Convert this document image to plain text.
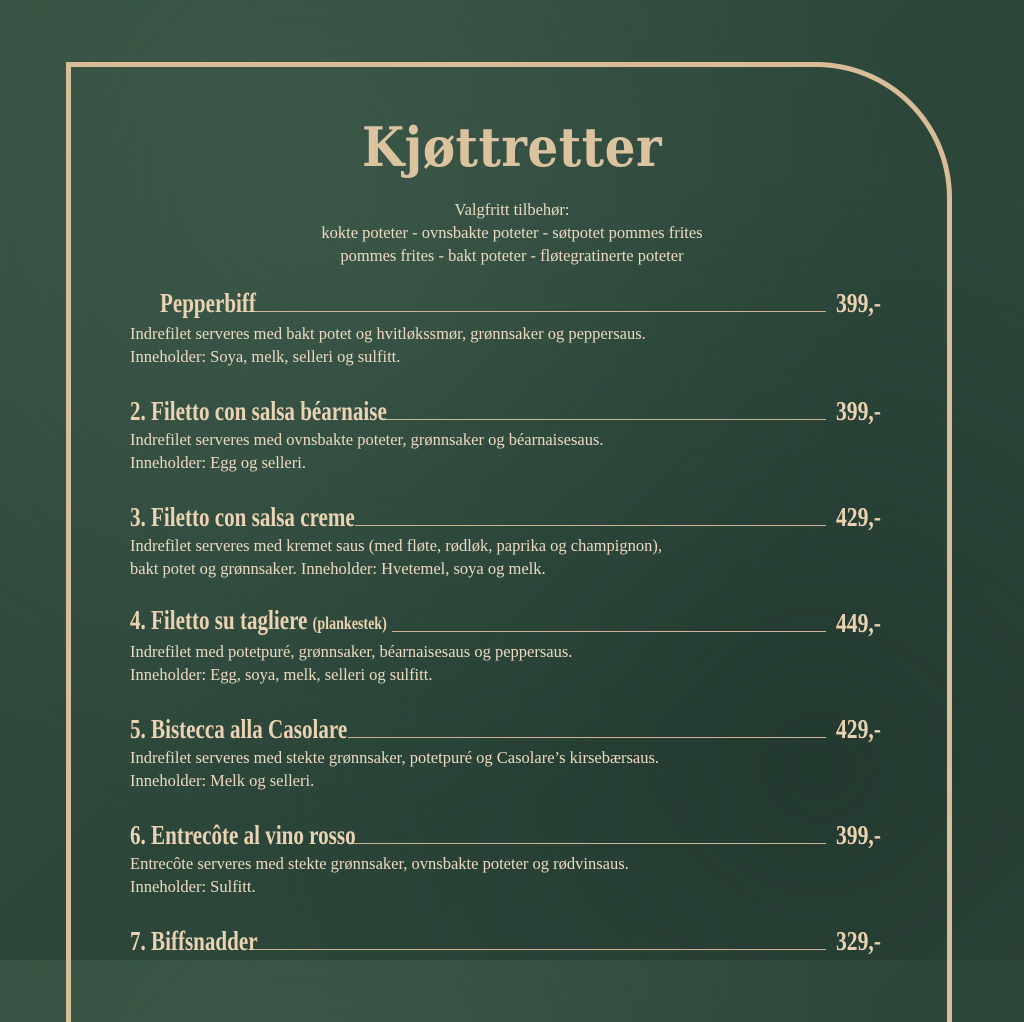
Kjøttretter
Valgfritt tilbehør:
kokte poteter - ovnsbakte poteter - søtpotet pommes frites
pommes frites - bakt poteter - fløtegratinerte poteter
Pepperbiff	399,-
Indrefilet serveres med bakt potet og hvitløkssmør, grønnsaker og peppersaus.
Inneholder: Soya, melk, selleri og sulfitt.
2. Filetto con salsa béarnaise	399,-
Indrefilet serveres med ovnsbakte poteter, grønnsaker og béarnaisesaus.
Inneholder: Egg og selleri.
3. Filetto con salsa creme	429,-
Indrefilet serveres med kremet saus (med fløte, rødløk, paprika og champignon),
bakt potet og grønnsaker. Inneholder: Hvetemel, soya og melk.
4. Filetto su tagliere (plankestek)	449,-
Indrefilet med potetpuré, grønnsaker, béarnaisesaus og peppersaus.
Inneholder: Egg, soya, melk, selleri og sulfitt.
5. Bistecca alla Casolare	429,-
Indrefilet serveres med stekte grønnsaker, potetpuré og Casolare’s kirsebærsaus.
Inneholder: Melk og selleri.
6. Entrecôte al vino rosso	399,-
Entrecôte serveres med stekte grønnsaker, ovnsbakte poteter og rødvinsaus.
Inneholder: Sulfitt.
7. Biffsnadder	329,-
